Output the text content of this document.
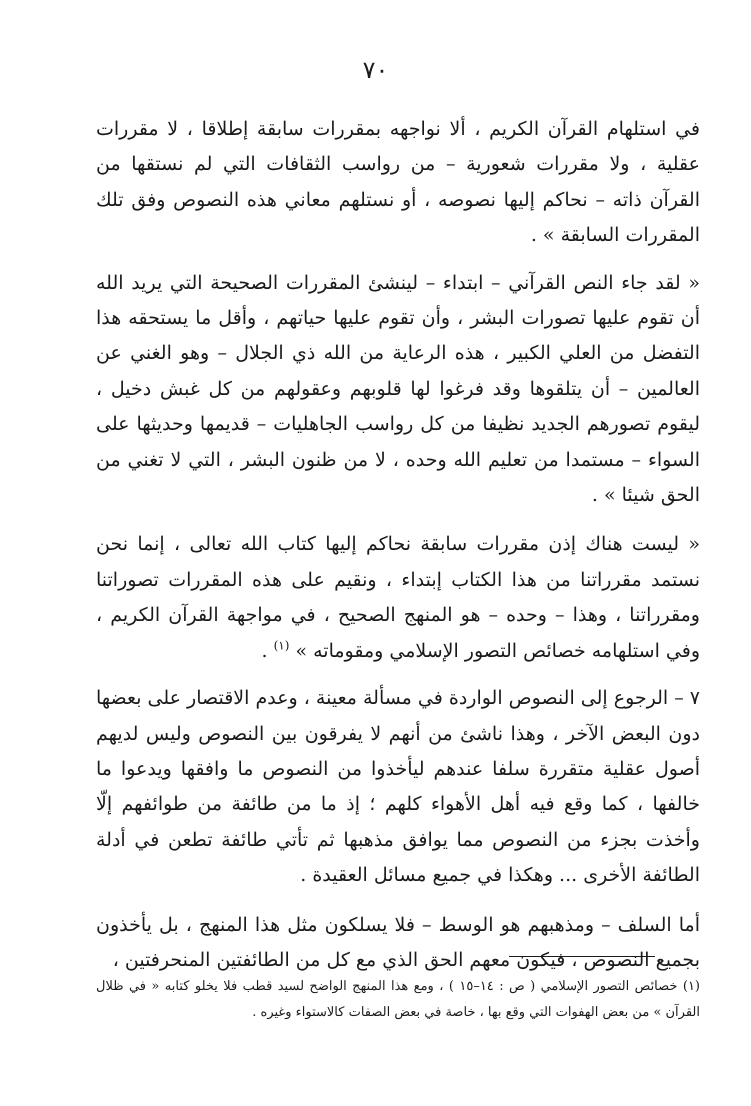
٧٠

في استلهام القرآن الكريم ، ألا نواجهه بمقررات سابقة إطلاقا ، لا مقررات عقلية ، ولا مقررات شعورية – من رواسب الثقافات التي لم نستقها من القرآن ذاته – نحاكم إليها نصوصه ، أو نستلهم معاني هذه النصوص وفق تلك المقررات السابقة » .

« لقد جاء النص القرآني – ابتداء – لينشئ المقررات الصحيحة التي يريد الله أن تقوم عليها تصورات البشر ، وأن تقوم عليها حياتهم ، وأقل ما يستحقه هذا التفضل من العلي الكبير ، هذه الرعاية من الله ذي الجلال – وهو الغني عن العالمين – أن يتلقوها وقد فرغوا لها قلوبهم وعقولهم من كل غبش دخيل ، ليقوم تصورهم الجديد نظيفا من كل رواسب الجاهليات – قديمها وحديثها على السواء – مستمدا من تعليم الله وحده ، لا من ظنون البشر ، التي لا تغني من الحق شيئا » .

« ليست هناك إذن مقررات سابقة نحاكم إليها كتاب الله تعالى ، إنما نحن نستمد مقرراتنا من هذا الكتاب إبتداء ، ونقيم على هذه المقررات تصوراتنا ومقرراتنا ، وهذا – وحده – هو المنهج الصحيح ، في مواجهة القرآن الكريم ، وفي استلهامه خصائص التصور الإسلامي ومقوماته » $^{(١)}$ .

٧ – الرجوع إلى النصوص الواردة في مسألة معينة ، وعدم الاقتصار على بعضها دون البعض الآخر ، وهذا ناشئ من أنهم لا يفرقون بين النصوص وليس لديهم أصول عقلية متقررة سلفا عندهم ليأخذوا من النصوص ما وافقها ويدعوا ما خالفها ، كما وقع فيه أهل الأهواء كلهم ؛ إذ ما من طائفة من طوائفهم إلّا وأخذت بجزء من النصوص مما يوافق مذهبها ثم تأتي طائفة تطعن في أدلة الطائفة الأخرى ... وهكذا في جميع مسائل العقيدة .

أما السلف – ومذهبهم هو الوسط – فلا يسلكون مثل هذا المنهج ، بل يأخذون بجميع النصوص ، فيكون معهم الحق الذي مع كل من الطائفتين المنحرفتين ،

(١) خصائص التصور الإسلامي ( ص : ١٤–١٥ ) ، ومع هذا المنهج الواضح لسيد قطب فلا يخلو كتابه « في ظلال القرآن » من بعض الهفوات التي وقع بها ، خاصة في بعض الصفات كالاستواء وغيره .
